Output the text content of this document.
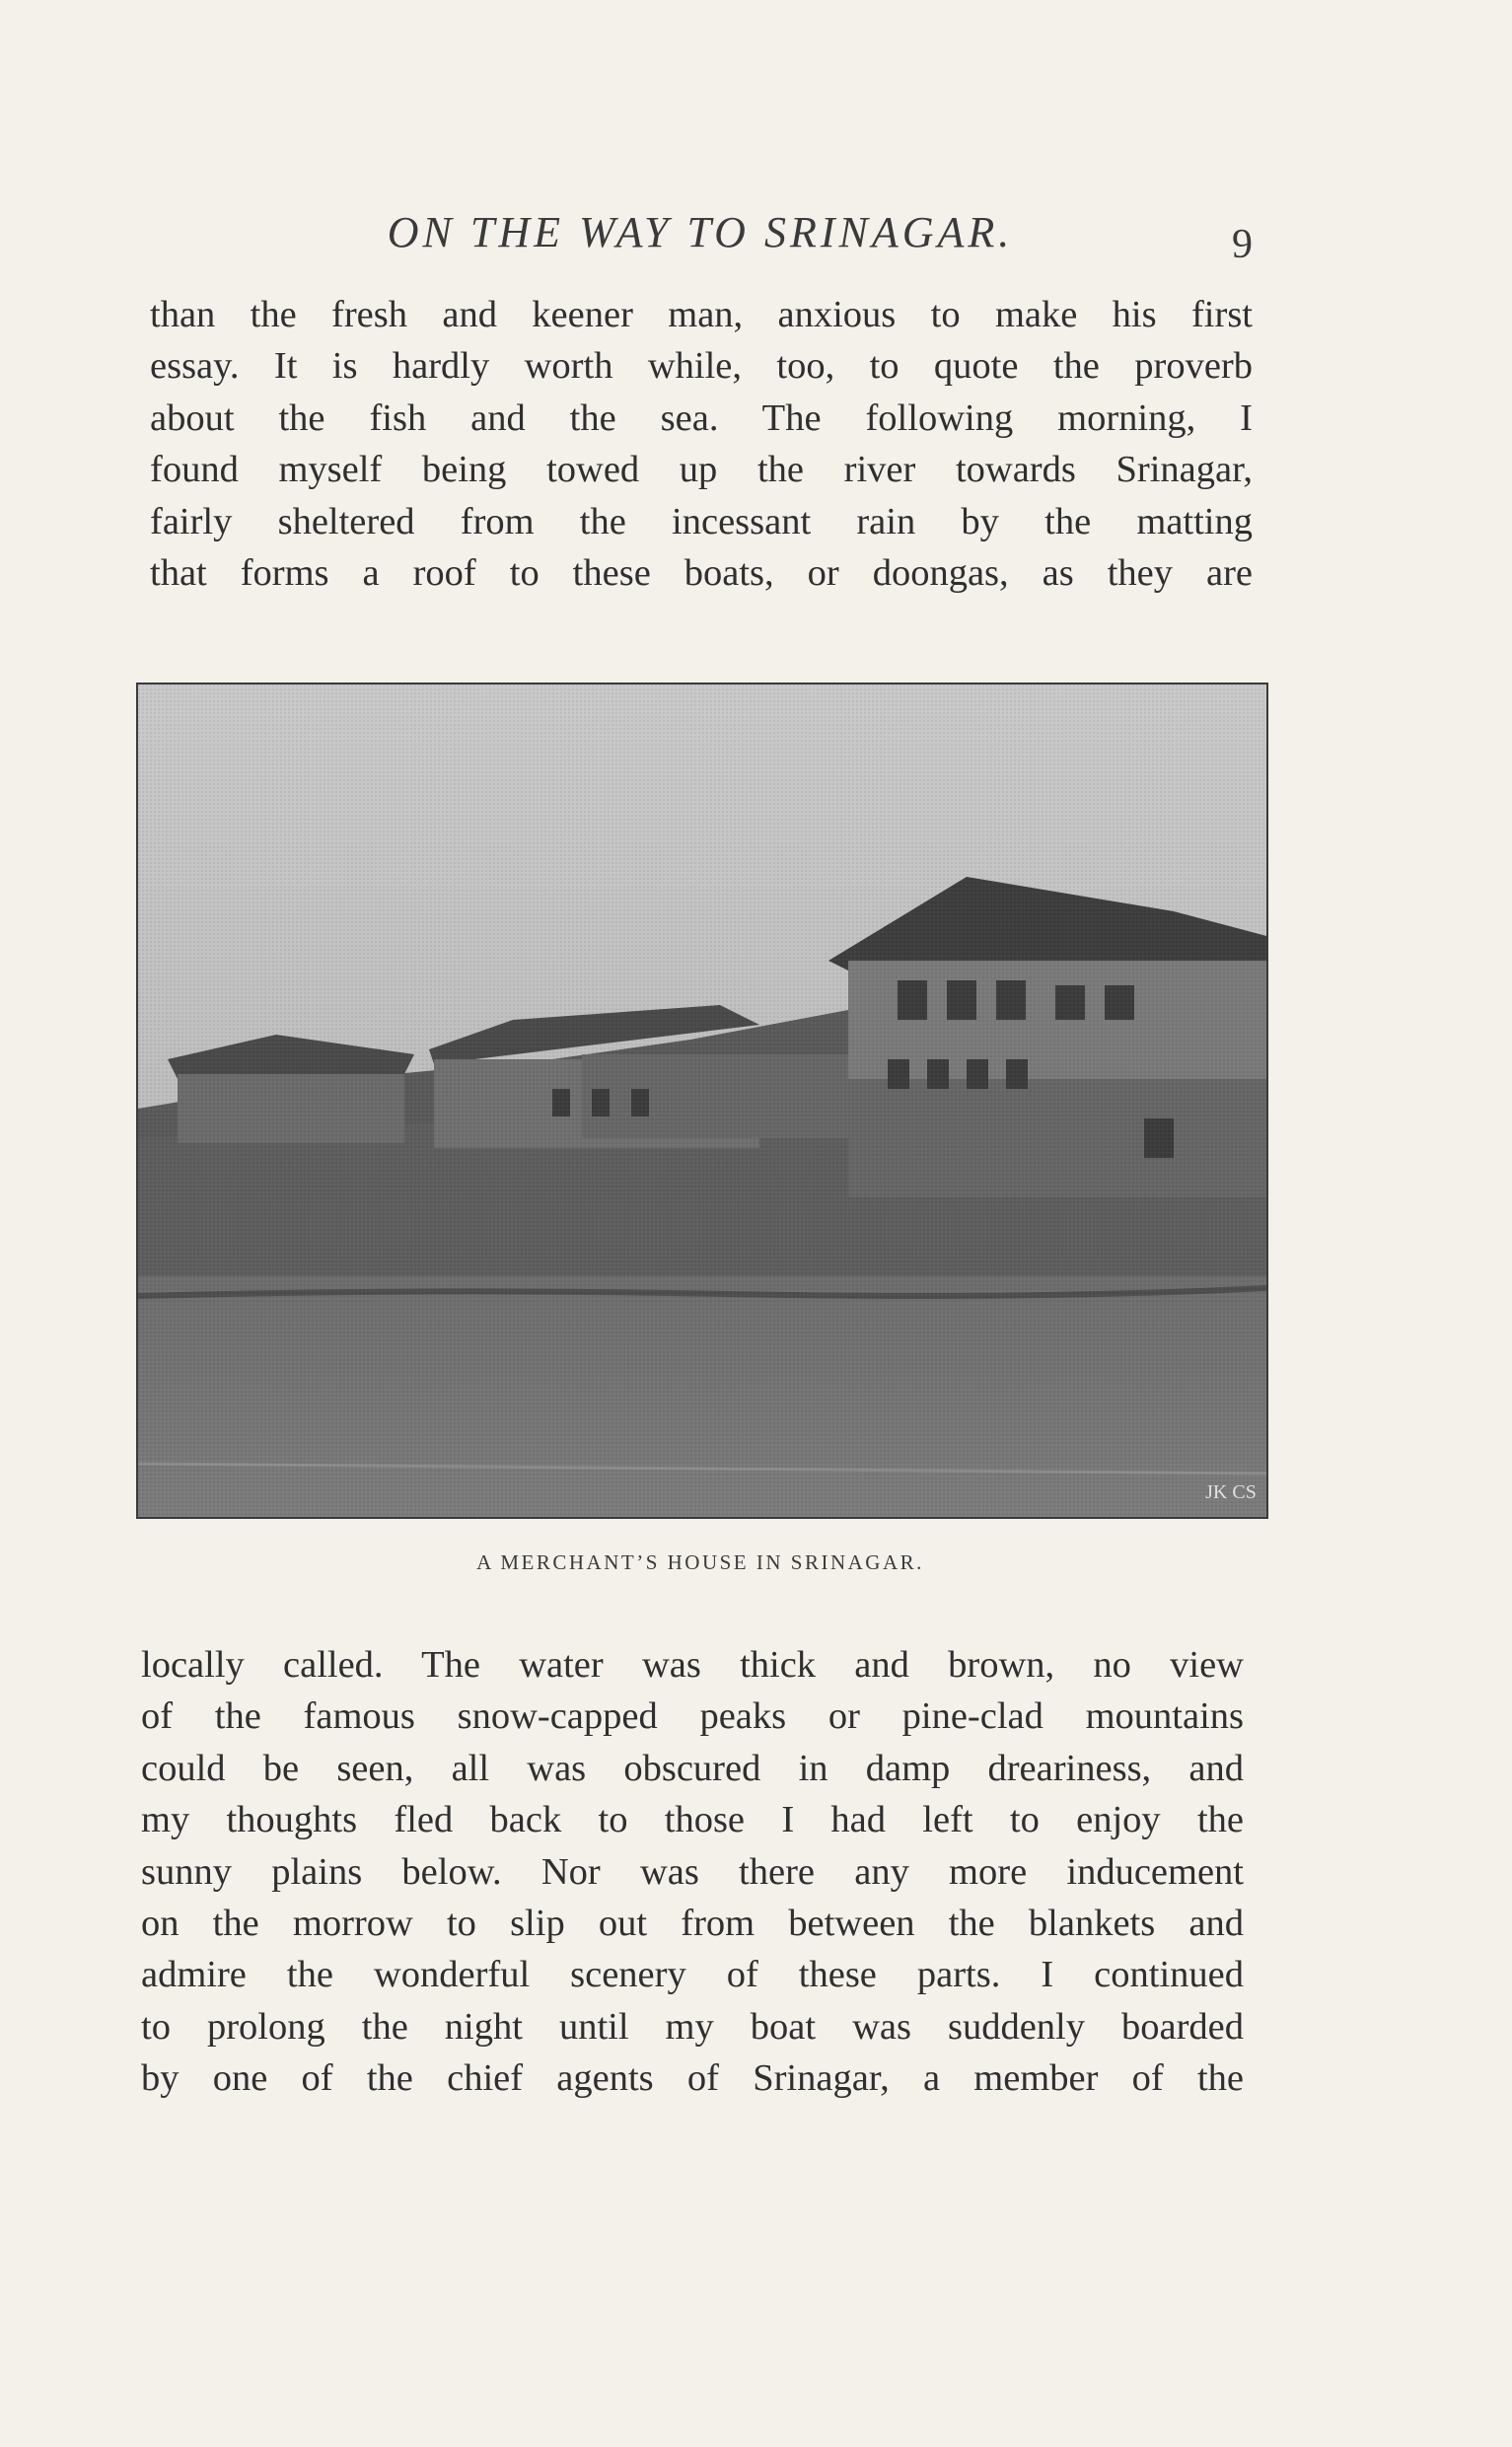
ON THE WAY TO SRINAGAR.	9
than the fresh and keener man, anxious to make his first
essay. It is hardly worth while, too, to quote the proverb
about the fish and the sea. The following morning, I
found myself being towed up the river towards Srinagar,
fairly sheltered from the incessant rain by the matting
that forms a roof to these boats, or doongas, as they are
JK CS
A MERCHANT’S HOUSE IN SRINAGAR.
locally called. The water was thick and brown, no view
of the famous snow-capped peaks or pine-clad mountains
could be seen, all was obscured in damp dreariness, and
my thoughts fled back to those I had left to enjoy the
sunny plains below. Nor was there any more inducement
on the morrow to slip out from between the blankets and
admire the wonderful scenery of these parts. I continued
to prolong the night until my boat was suddenly boarded
by one of the chief agents of Srinagar, a member of the
